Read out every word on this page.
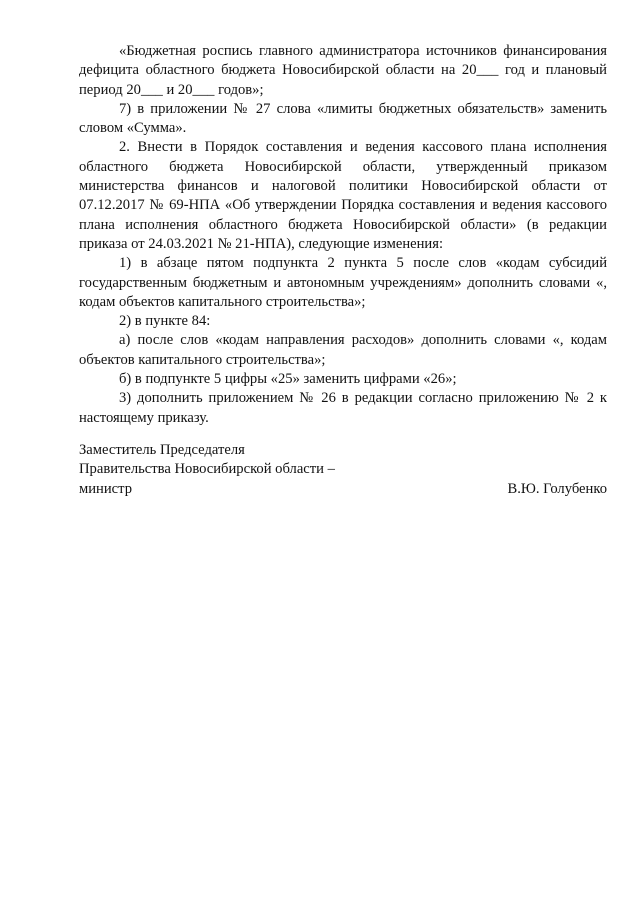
«Бюджетная роспись главного администратора источников финансирования дефицита областного бюджета Новосибирской области на 20___ год и плановый период 20___ и 20___ годов»;

7) в приложении № 27 слова «лимиты бюджетных обязательств» заменить словом «Сумма».

2. Внести в Порядок составления и ведения кассового плана исполнения областного бюджета Новосибирской области, утвержденный приказом министерства финансов и налоговой политики Новосибирской области от 07.12.2017 № 69-НПА «Об утверждении Порядка составления и ведения кассового плана исполнения областного бюджета Новосибирской области» (в редакции приказа от 24.03.2021 № 21-НПА), следующие изменения:

1) в абзаце пятом подпункта 2 пункта 5 после слов «кодам субсидий государственным бюджетным и автономным учреждениям» дополнить словами «, кодам объектов капитального строительства»;

2) в пункте 84:

а) после слов «кодам направления расходов» дополнить словами «, кодам объектов капитального строительства»;

б) в подпункте 5 цифры «25» заменить цифрами «26»;

3) дополнить приложением № 26 в редакции согласно приложению № 2 к настоящему приказу.

Заместитель Председателя

Правительства Новосибирской области –

министр	В.Ю. Голубенко
